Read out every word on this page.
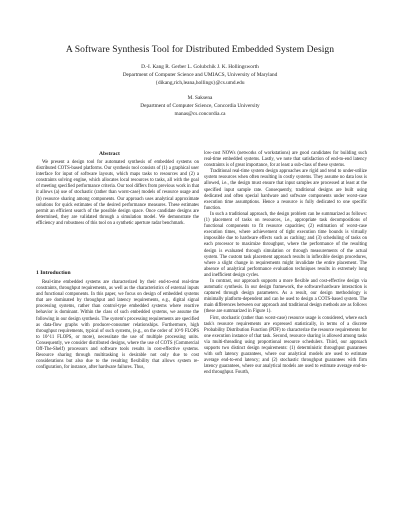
A Software Synthesis Tool for Distributed Embedded System Design
D.-I. Kang R. Gerber L. Golubchik J. K. Hollingsworth
Department of Computer Science and UMIACS, University of Maryland
{dikang,rich,leana,hollings}@cs.umd.edu
M. Saksena
Department of Computer Science, Concordia University
manas@cs.concordia.ca
Abstract

We present a design tool for automated synthesis of embedded systems on distributed COTS-based platforms. Our synthesis tool consists of (1) a graphical user interface for input of software layouts, which maps tasks to resources and (2) a constraints solving engine, which allocates local resources to tasks, all with the goal of meeting specified performance criteria. Our tool differs from previous work in that it allows (a) use of stochastic (rather than worst-case) models of resource usage and (b) resource sharing among components. Our approach uses analytical approximate solutions for quick estimates of the desired performance measures. These estimates permit an efficient search of the possible design space. Once candidate designs are determined, they are validated through a simulation model. We demonstrate the efficiency and robustness of this tool on a synthetic aperture radar benchmark.

1 Introduction

Real-time embedded systems are characterized by their end-to-end real-time constraints, throughput requirements, as well as the characteristics of external inputs and functional components. In this paper, we focus on design of embedded systems that are dominated by throughput and latency requirements, e.g., digital signal processing systems, rather than control-type embedded systems where reactive behavior is dominant. Within the class of such embedded systems, we assume the following in our design synthesis. The system's processing requirements are specified as data-flow graphs with producer-consumer relationships. Furthermore, high throughput requirements, typical of such systems, (e.g., on the order of 10^9 FLOPS to 10^11 FLOPS, or more), necessitate the use of multiple processing units. Consequently, we consider distributed designs, where the use of COTS (Commercial Off-The-Shelf) processors and software tools results in cost-effective systems. Resource sharing through multitasking is desirable not only due to cost considerations but also due to the resulting flexibility that allows system re-configuration, for instance, after hardware failures. Thus,

low-cost NOWs (networks of workstations) are good candidates for building such real-time embedded systems. Lastly, we note that satisfaction of end-to-end latency constraints is of great importance, for at least a sub-class of these systems.

Traditional real-time system design approaches are rigid and tend to under-utilize system resources when often resulting in costly systems. They assume no data loss is allowed, i.e., the design must ensure that input samples are processed at least at the specified input sample rate. Consequently, traditional designs are built using dedicated and often special hardware and software components under worst-case execution time assumptions. Hence a resource is fully dedicated to one specific function.

In such a traditional approach, the design problem can be summarized as follows: (1) placement of tasks on resources, i.e., appropriate task decompositions of functional components to fit resource capacities; (2) estimation of worst-case execution times, where achievement of tight execution time bounds is virtually impossible due to hardware effects such as caching; and (3) scheduling of tasks on each processor to maximize throughput, where the performance of the resulting design is evaluated through simulation or through measurements of the actual system. The custom task placement approach results in inflexible design procedures, where a slight change in requirements might invalidate the entire placement. The absence of analytical performance evaluation techniques results in extremely long and inefficient design cycles.

In contrast, our approach supports a more flexible and cost-effective design via automatic synthesis. In our design framework, the software/hardware interaction is captured through design parameters. As a result, our design methodology is minimally platform-dependent and can be used to design a COTS-based system. The main differences between our approach and traditional design methods are as follows (these are summarized in Figure 1).

First, stochastic (rather than worst-case) resource usage is considered, where each task's resource requirements are expressed statistically, in terms of a discrete Probability Distribution Function (PDF) to characterize the resource requirements for one execution instance of that task. Second, resource sharing is allowed among tasks via multi-threading using proportional resource schedulers. Third, our approach supports two distinct design requirements: (1) deterministic throughput guarantees with soft latency guarantees, where our analytical models are used to estimate average end-to-end latency; and (2) stochastic throughput guarantees with firm latency guarantees, where our analytical models are used to estimate average end-to-end throughput. Fourth,
